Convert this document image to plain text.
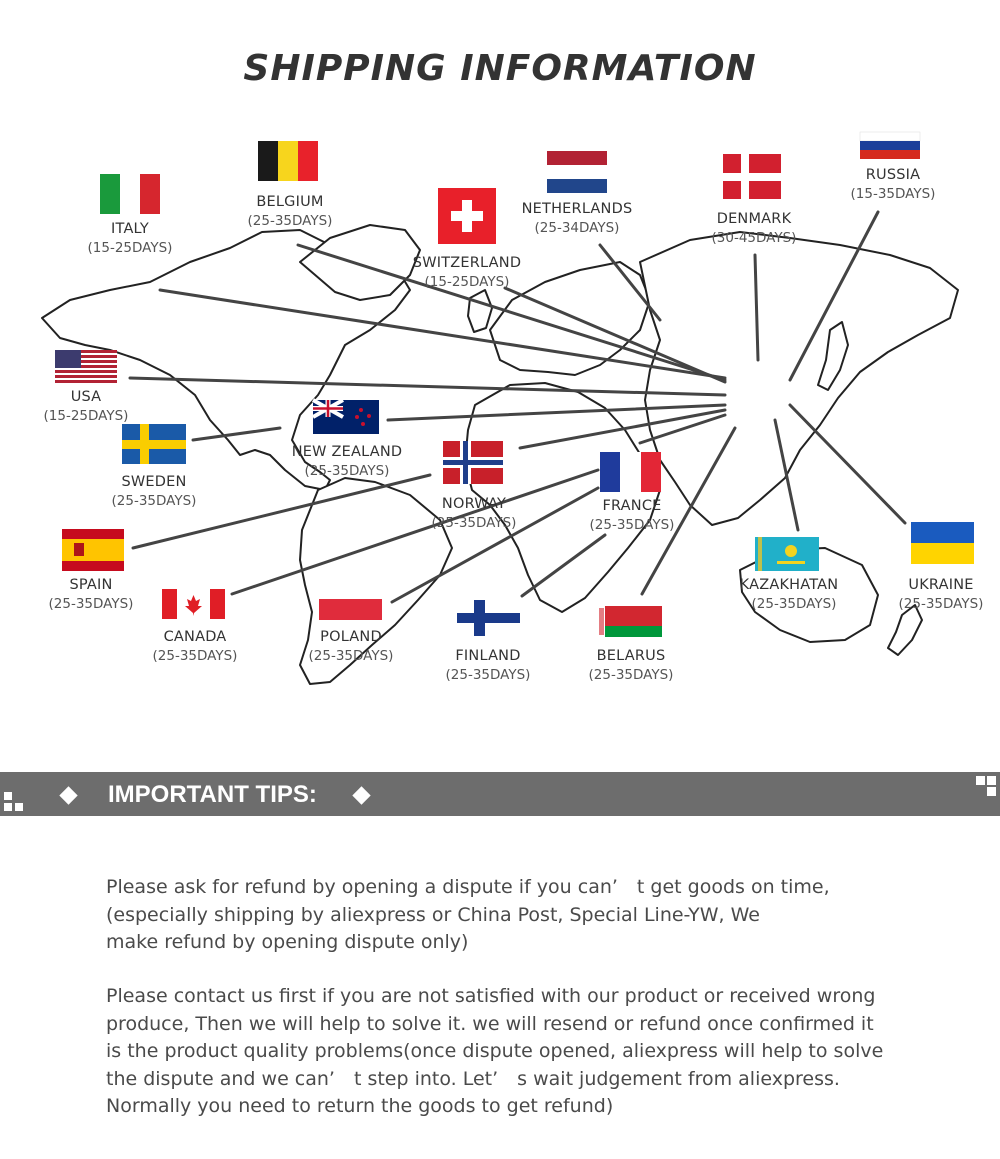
SHIPPING INFORMATION
ITALY
(15-25DAYS)
BELGIUM
(25-35DAYS)
SWITZERLAND
(15-25DAYS)
NETHERLANDS
(25-34DAYS)
DENMARK
(30-45DAYS)
RUSSIA
(15-35DAYS)
USA
(15-25DAYS)
NEW ZEALAND
(25-35DAYS)
SWEDEN
(25-35DAYS)	NORWAY
(25-35DAYS)
FRANCE
(25-35DAYS)
SPAIN
(25-35DAYS)
CANADA
(25-35DAYS)
POLAND
(25-35DAYS)	FINLAND
(25-35DAYS)
BELARUS
(25-35DAYS)
KAZAKHATAN
(25-35DAYS)
UKRAINE
(25-35DAYS)
IMPORTANT TIPS:
Please ask for refund by opening a dispute if you can’　t get goods on time,
(especially shipping by aliexpress or China Post, Special Line-YW, We
make refund by opening dispute only)
Please contact us first if you are not satisfied with our product or received wrong
produce, Then we will help to solve it. we will resend or refund once confirmed it
is the product quality problems(once dispute opened, aliexpress will help to solve
the dispute and we can’　t step into. Let’　s wait judgement from aliexpress.
Normally you need to return the goods to get refund)
